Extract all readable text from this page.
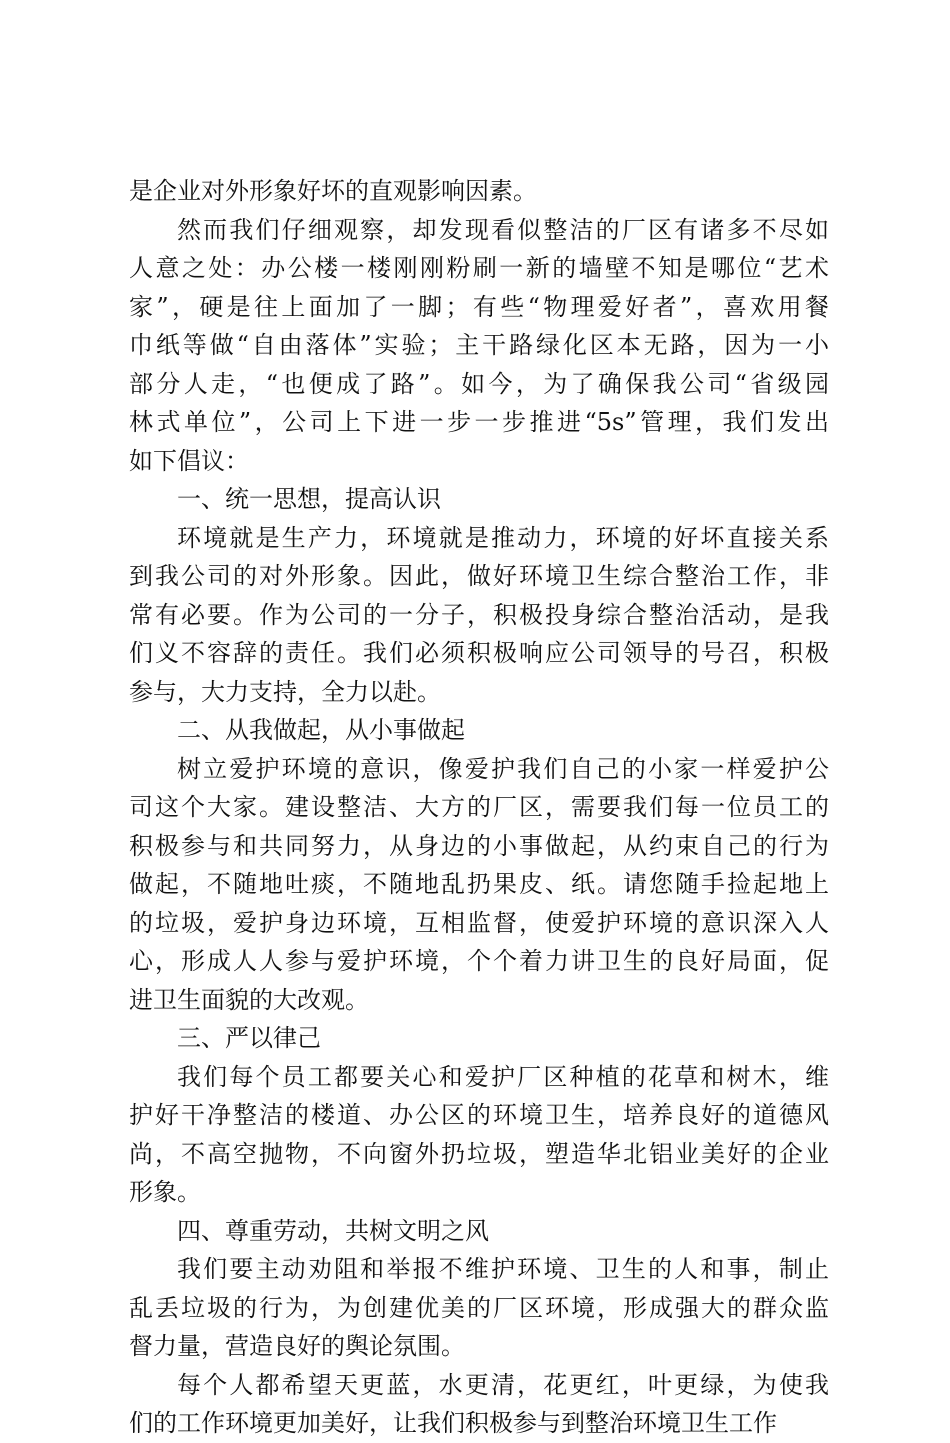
是企业对外形象好坏的直观影响因素。

然而我们仔细观察，却发现看似整洁的厂区有诸多不尽如
人意之处：办公楼一楼刚刚粉刷一新的墙壁不知是哪位“艺术
家”，硬是往上面加了一脚；有些“物理爱好者”，喜欢用餐
巾纸等做“自由落体”实验；主干路绿化区本无路，因为一小
部分人走，“也便成了路”。如今，为了确保我公司“省级园
林式单位”，公司上下进一步一步推进“5s”管理，我们发出
如下倡议：

一、统一思想，提高认识

环境就是生产力，环境就是推动力，环境的好坏直接关系
到我公司的对外形象。因此，做好环境卫生综合整治工作，非
常有必要。作为公司的一分子，积极投身综合整治活动，是我
们义不容辞的责任。我们必须积极响应公司领导的号召，积极
参与，大力支持，全力以赴。

二、从我做起，从小事做起

树立爱护环境的意识，像爱护我们自己的小家一样爱护公
司这个大家。建设整洁、大方的厂区，需要我们每一位员工的
积极参与和共同努力，从身边的小事做起，从约束自己的行为
做起，不随地吐痰，不随地乱扔果皮、纸。请您随手捡起地上
的垃圾，爱护身边环境，互相监督，使爱护环境的意识深入人
心，形成人人参与爱护环境，个个着力讲卫生的良好局面，促
进卫生面貌的大改观。

三、严以律己

我们每个员工都要关心和爱护厂区种植的花草和树木，维
护好干净整洁的楼道、办公区的环境卫生，培养良好的道德风
尚，不高空抛物，不向窗外扔垃圾，塑造华北铝业美好的企业
形象。

四、尊重劳动，共树文明之风

我们要主动劝阻和举报不维护环境、卫生的人和事，制止
乱丢垃圾的行为，为创建优美的厂区环境，形成强大的群众监
督力量，营造良好的舆论氛围。

每个人都希望天更蓝，水更清，花更红，叶更绿，为使我
们的工作环境更加美好，让我们积极参与到整治环境卫生工作
